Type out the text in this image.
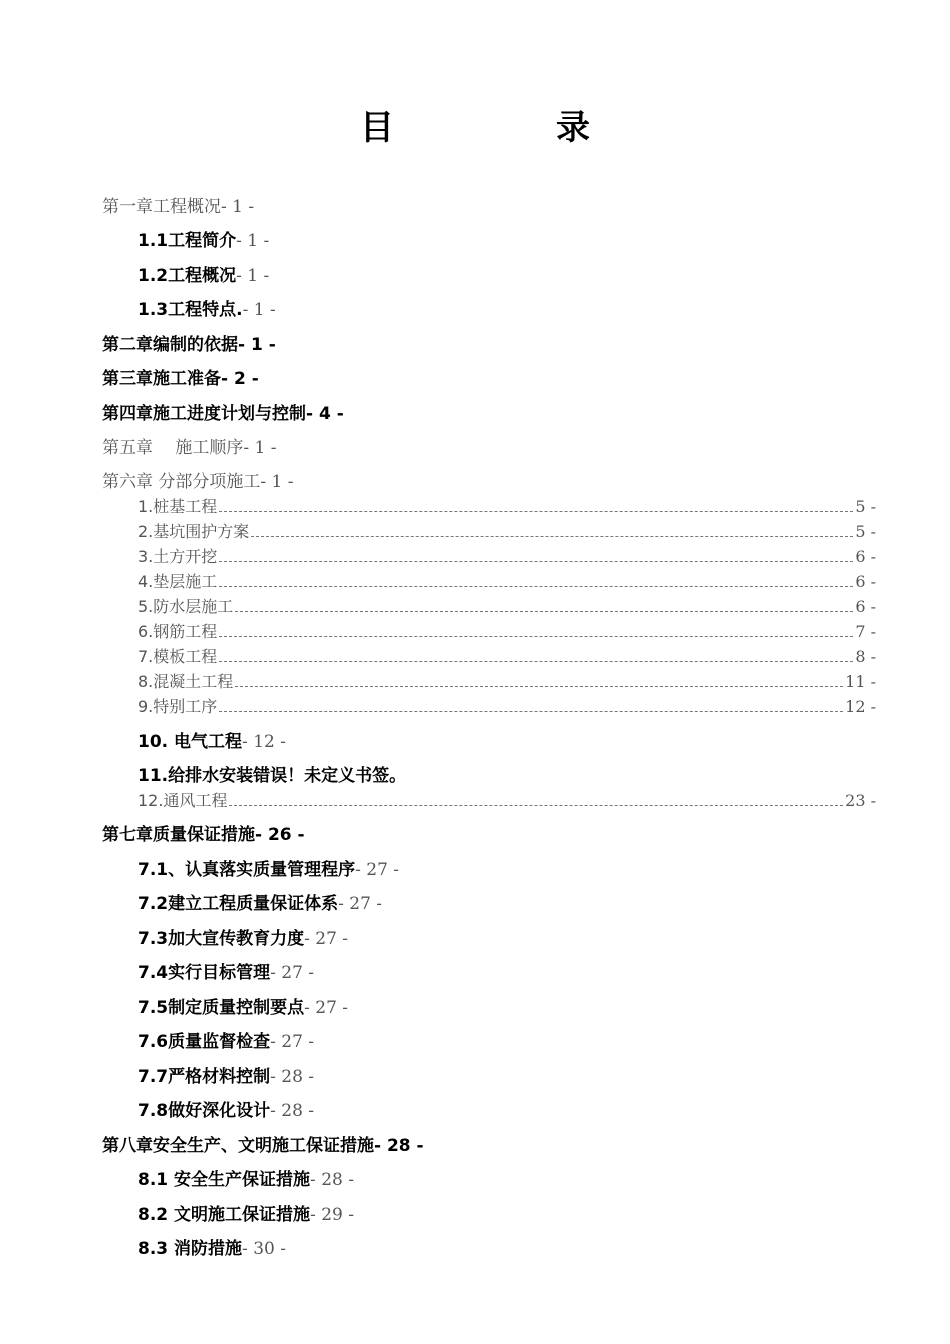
目　录
第一章工程概况- 1 -
1.1工程简介- 1 -
1.2工程概况- 1 -
1.3工程特点.- 1 -
第二章编制的依据- 1 -
第三章施工准备- 2 -
第四章施工进度计划与控制- 4 -
第五章　 施工顺序- 1 -
第六章 分部分项施工- 1 -
1.桩基工程	5 -
2.基坑围护方案	5 -
3.土方开挖	6 -
4.垫层施工	6 -
5.防水层施工	6 -
6.钢筋工程	7 -
7.模板工程	8 -
8.混凝土工程	11 -
9.特别工序	12 -
10. 电气工程- 12 -
11.给排水安装错误！未定义书签。
12.通风工程	23 -
第七章质量保证措施- 26 -
7.1、认真落实质量管理程序- 27 -
7.2建立工程质量保证体系- 27 -
7.3加大宣传教育力度- 27 -
7.4实行目标管理- 27 -
7.5制定质量控制要点- 27 -
7.6质量监督检查- 27 -
7.7严格材料控制- 28 -
7.8做好深化设计- 28 -
第八章安全生产、文明施工保证措施- 28 -
8.1 安全生产保证措施- 28 -
8.2 文明施工保证措施- 29 -
8.3 消防措施- 30 -
